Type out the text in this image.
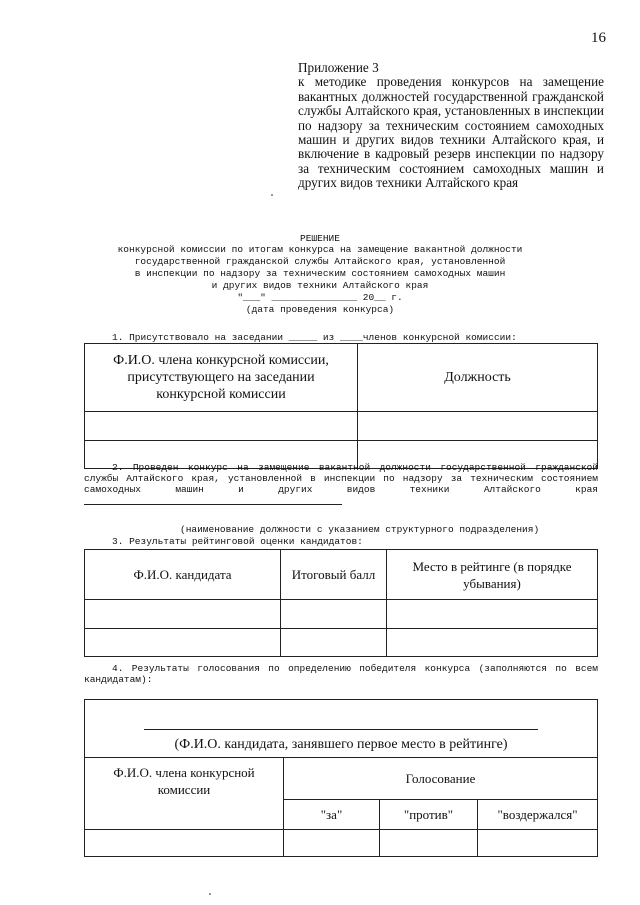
16
Приложение 3
к методике проведения конкурсов на замещение вакантных должностей государственной гражданской службы Алтайского края, установленных в инспекции по надзору за техническим состоянием самоходных машин и других видов техники Алтайского края, и включение в кадровый резерв инспекции по надзору за техническим состоянием самоходных машин и других видов техники Алтайского края
РЕШЕНИЕ
конкурсной комиссии по итогам конкурса на замещение вакантной должности
государственной гражданской службы Алтайского края, установленной
в инспекции по надзору за техническим состоянием самоходных машин
и других видов техники Алтайского края
"___" _______________ 20__ г.
(дата проведения конкурса)
1. Присутствовало на заседании _____ из ____членов конкурсной комиссии:
Ф.И.О. члена конкурсной комиссии, присутствующего на заседании конкурсной комиссии	Должность

2. Проведен конкурс на замещение вакантной должности государственной гражданской службы Алтайского края, установленной в инспекции по надзору за техническим состоянием самоходных машин и других видов техники Алтайского края
(наименование должности с указанием структурного подразделения)
3. Результаты рейтинговой оценки кандидатов:
Ф.И.О. кандидата	Итоговый балл	Место в рейтинге (в порядке убывания)

4. Результаты голосования по определению победителя конкурса (заполняются по всем кандидатам):
(Ф.И.О. кандидата, занявшего первое место в рейтинге)			

Ф.И.О. члена конкурсной комиссии	Голосование		
	"за"	"против"	"воздержался"
